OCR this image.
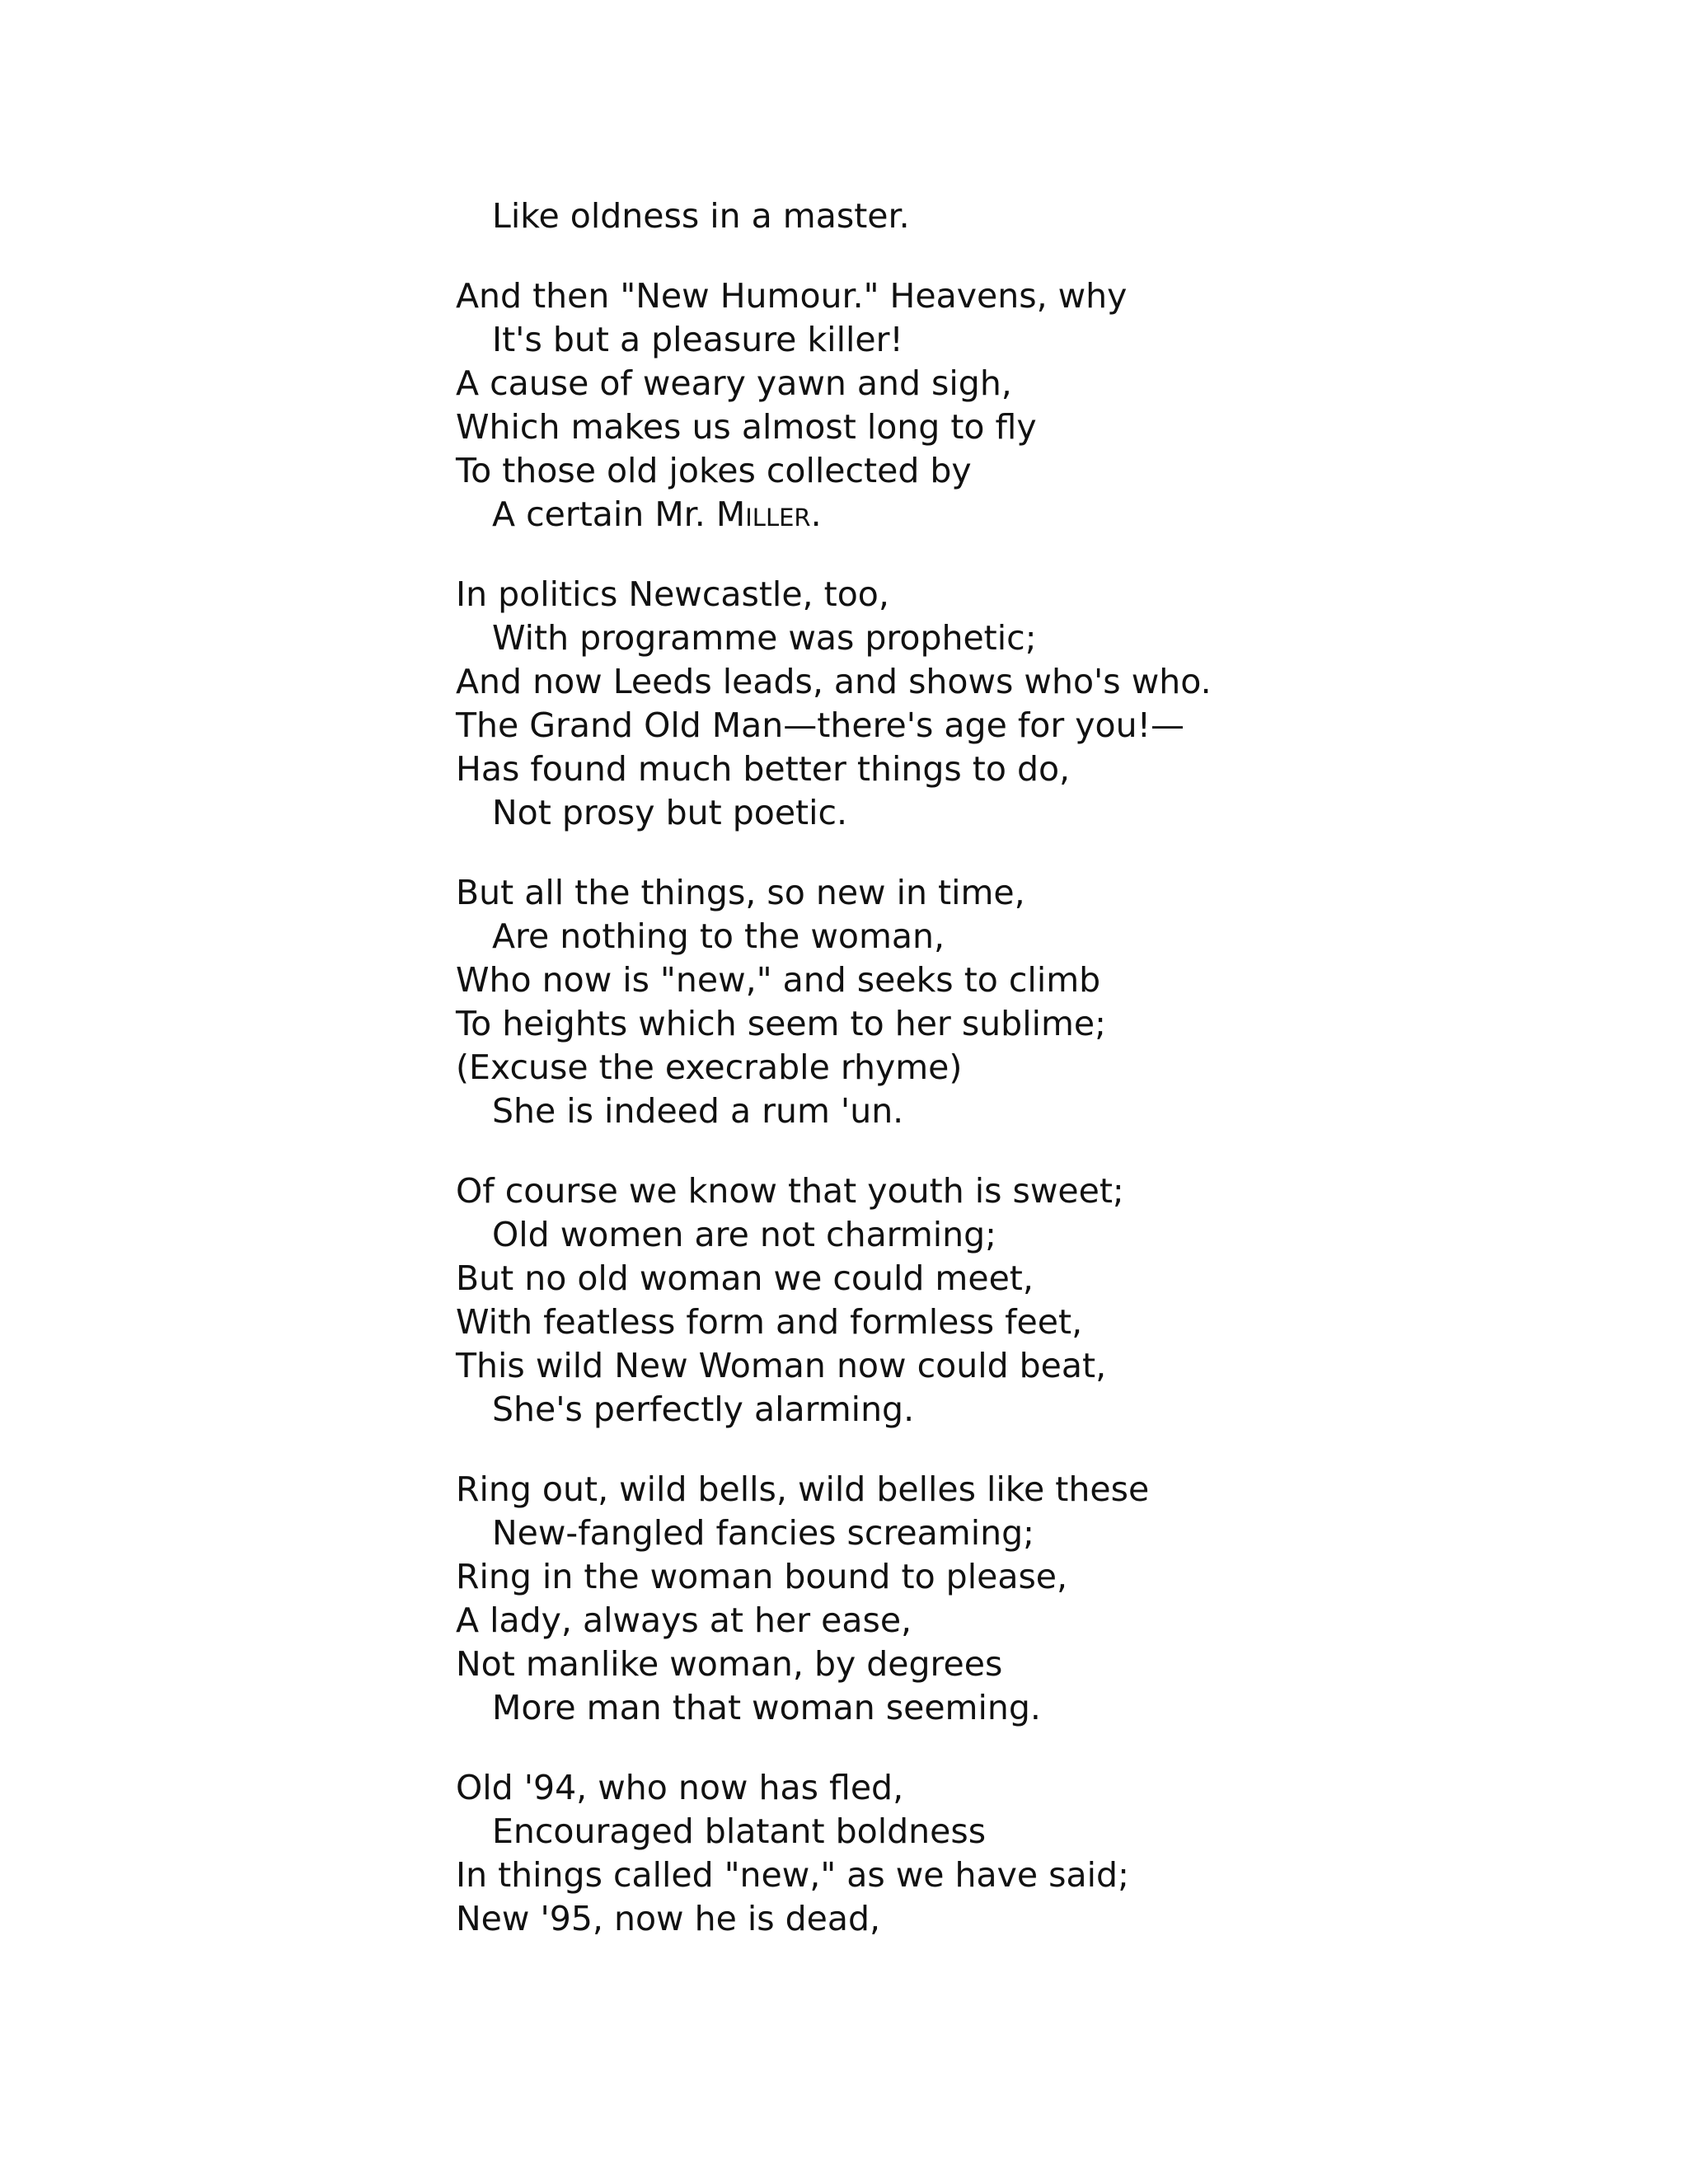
Like oldness in a master.
And then "New Humour." Heavens, why
It's but a pleasure killer!
A cause of weary yawn and sigh,
Which makes us almost long to fly
To those old jokes collected by
A certain Mr. Miller.
In politics Newcastle, too,
With programme was prophetic;
And now Leeds leads, and shows who's who.
The Grand Old Man—there's age for you!—
Has found much better things to do,
Not prosy but poetic.
But all the things, so new in time,
Are nothing to the woman,
Who now is "new," and seeks to climb
To heights which seem to her sublime;
(Excuse the execrable rhyme)
She is indeed a rum 'un.
Of course we know that youth is sweet;
Old women are not charming;
But no old woman we could meet,
With featless form and formless feet,
This wild New Woman now could beat,
She's perfectly alarming.
Ring out, wild bells, wild belles like these
New-fangled fancies screaming;
Ring in the woman bound to please,
A lady, always at her ease,
Not manlike woman, by degrees
More man that woman seeming.
Old '94, who now has fled,
Encouraged blatant boldness
In things called "new," as we have said;
New '95, now he is dead,
